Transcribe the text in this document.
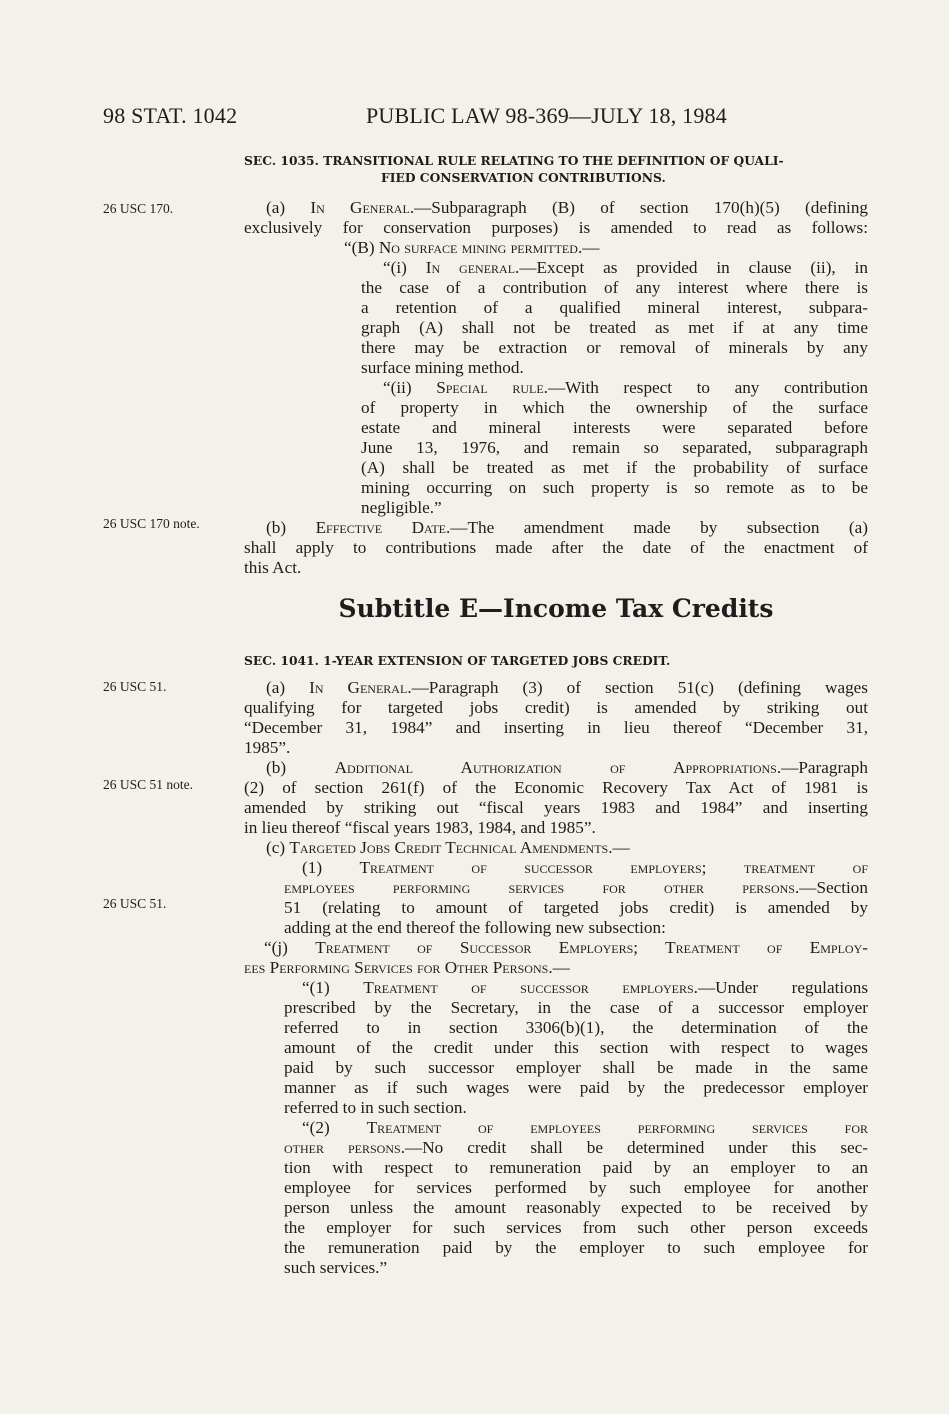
98 STAT. 1042	PUBLIC LAW 98-369—JULY 18, 1984
26 USC 170.
26 USC 170 note.
26 USC 51.
26 USC 51 note.
26 USC 51.

SEC. 1035. TRANSITIONAL RULE RELATING TO THE DEFINITION OF QUALI-

FIED CONSERVATION CONTRIBUTIONS.

(a) In General.—Subparagraph (B) of section 170(h)(5) (defining

exclusively for conservation purposes) is amended to read as follows:

“(B) No surface mining permitted.—

“(i) In general.—Except as provided in clause (ii), in

the case of a contribution of any interest where there is

a retention of a qualified mineral interest, subpara-

graph (A) shall not be treated as met if at any time

there may be extraction or removal of minerals by any

surface mining method.

“(ii) Special rule.—With respect to any contribution

of property in which the ownership of the surface

estate and mineral interests were separated before

June 13, 1976, and remain so separated, subparagraph

(A) shall be treated as met if the probability of surface

mining occurring on such property is so remote as to be

negligible.”

(b) Effective Date.—The amendment made by subsection (a)

shall apply to contributions made after the date of the enactment of

this Act.

Subtitle E—Income Tax Credits

SEC. 1041. 1-YEAR EXTENSION OF TARGETED JOBS CREDIT.

(a) In General.—Paragraph (3) of section 51(c) (defining wages

qualifying for targeted jobs credit) is amended by striking out

“December 31, 1984” and inserting in lieu thereof “December 31,

1985”.

(b) Additional Authorization of Appropriations.—Paragraph

(2) of section 261(f) of the Economic Recovery Tax Act of 1981 is

amended by striking out “fiscal years 1983 and 1984” and inserting

in lieu thereof “fiscal years 1983, 1984, and 1985”.

(c) Targeted Jobs Credit Technical Amendments.—

(1) Treatment of successor employers; treatment of

employees performing services for other persons.—Section

51 (relating to amount of targeted jobs credit) is amended by

adding at the end thereof the following new subsection:

“(j) Treatment of Successor Employers; Treatment of Employ-

ees Performing Services for Other Persons.—

“(1) Treatment of successor employers.—Under regulations

prescribed by the Secretary, in the case of a successor employer

referred to in section 3306(b)(1), the determination of the

amount of the credit under this section with respect to wages

paid by such successor employer shall be made in the same

manner as if such wages were paid by the predecessor employer

referred to in such section.

“(2) Treatment of employees performing services for

other persons.—No credit shall be determined under this sec-

tion with respect to remuneration paid by an employer to an

employee for services performed by such employee for another

person unless the amount reasonably expected to be received by

the employer for such services from such other person exceeds

the remuneration paid by the employer to such employee for

such services.”
